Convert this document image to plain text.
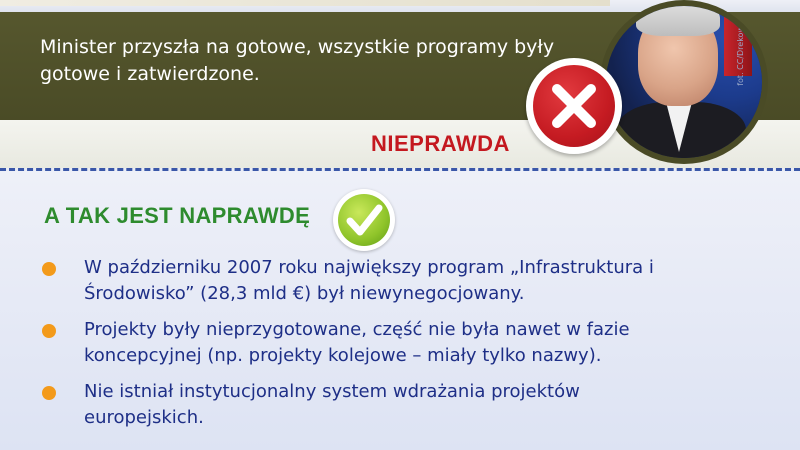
Minister przyszła na gotowe, wszystkie programy były gotowe i zatwierdzone.

NIEPRAWDA
A TAK JEST NAPRAWDĘ
W październiku 2007 roku największy program „Infrastruktura i Środowisko” (28,3 mld €) był niewynegocjowany.
Projekty były nieprzygotowane, część nie była nawet w fazie koncepcyjnej (np. projekty kolejowe – miały tylko nazwy).
Nie istniał instytucjonalny system wdrażania projektów europejskich.
fot. CC/Drekow
